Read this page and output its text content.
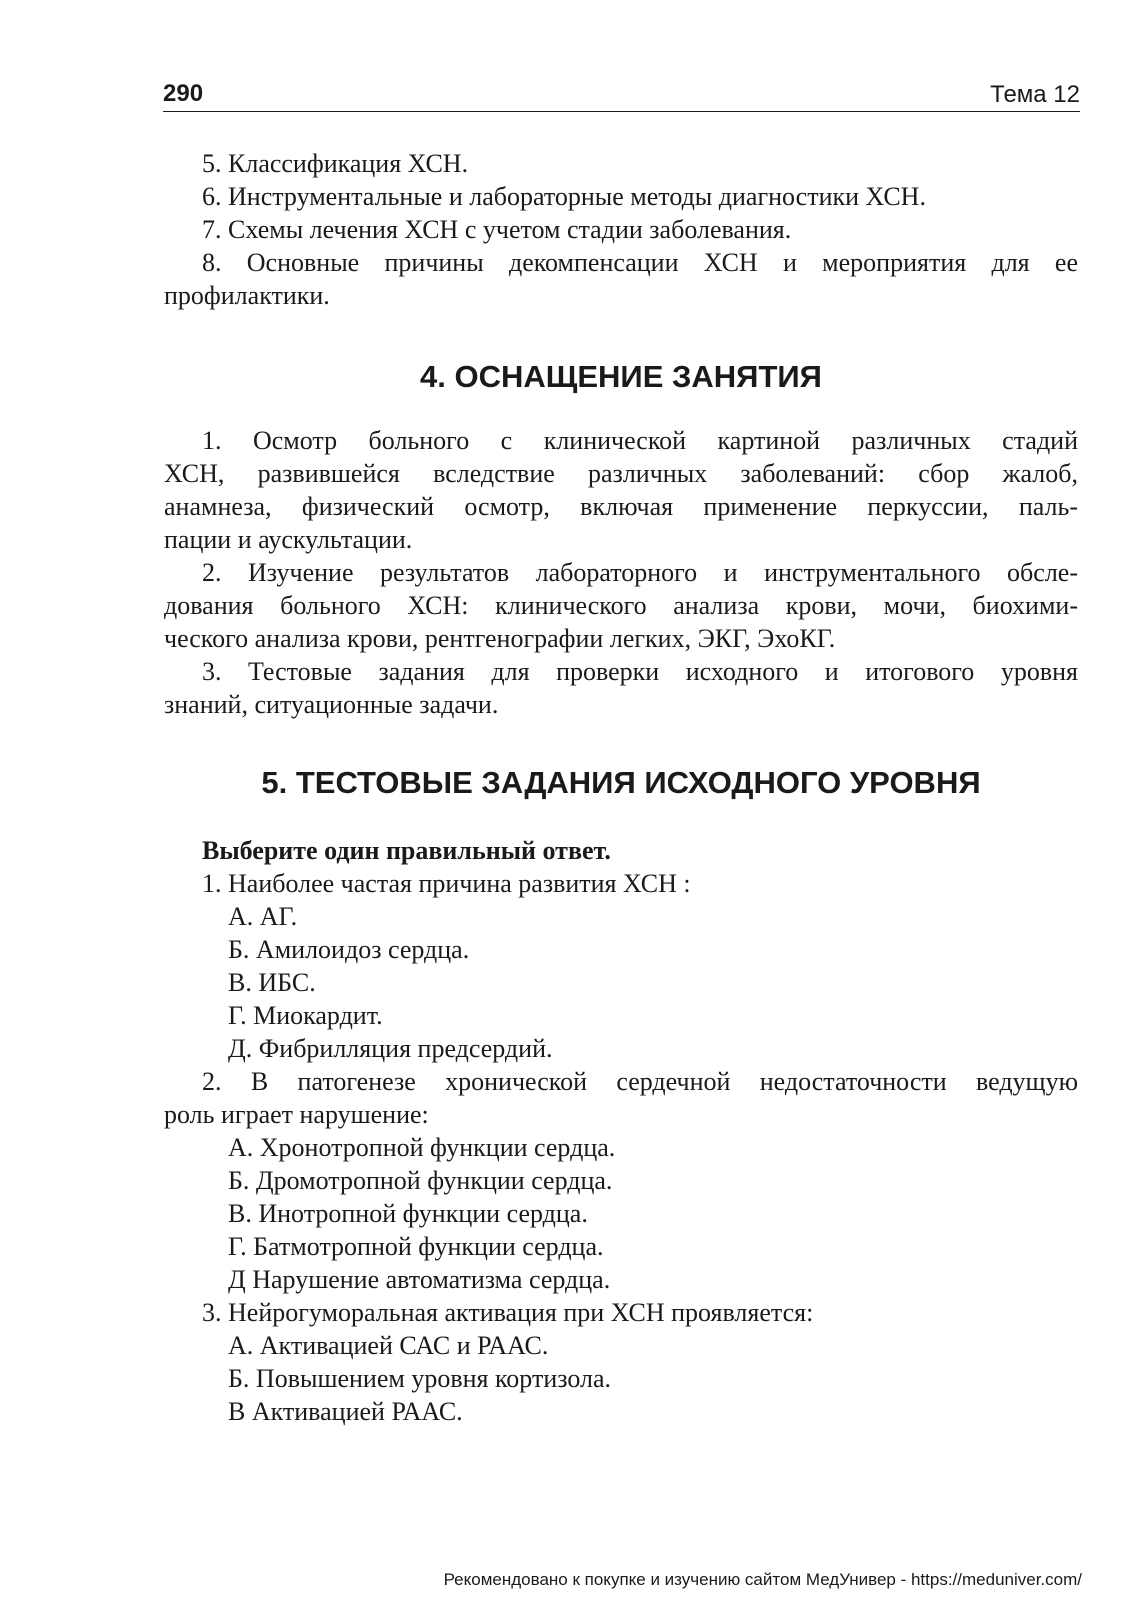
290	Тема 12
5. Классификация ХСН.
6. Инструментальные и лабораторные методы диагностики ХСН.
7. Схемы лечения ХСН с учетом стадии заболевания.
8. Основные причины декомпенсации ХСН и мероприятия для ее
профилактики.
4. ОСНАЩЕНИЕ ЗАНЯТИЯ
1. Осмотр больного с клинической картиной различных стадий
ХСН, развившейся вследствие различных заболеваний: сбор жалоб,
анамнеза, физический осмотр, включая применение перкуссии, паль-
пации и аускультации.
2. Изучение результатов лабораторного и инструментального обсле-
дования больного ХСН: клинического анализа крови, мочи, биохими-
ческого анализа крови, рентгенографии легких, ЭКГ, ЭхоКГ.
3. Тестовые задания для проверки исходного и итогового уровня
знаний, ситуационные задачи.
5. ТЕСТОВЫЕ ЗАДАНИЯ ИСХОДНОГО УРОВНЯ
Выберите один правильный ответ.
1. Наиболее частая причина развития ХСН :
А. АГ.
Б. Амилоидоз сердца.
В. ИБС.
Г. Миокардит.
Д. Фибрилляция предсердий.
2. В патогенезе хронической сердечной недостаточности ведущую
роль играет нарушение:
А. Хронотропной функции сердца.
Б. Дромотропной функции сердца.
В. Инотропной функции сердца.
Г. Батмотропной функции сердца.
Д Нарушение автоматизма сердца.
3. Нейрогуморальная активация при ХСН проявляется:
А. Активацией САС и РААС.
Б. Повышением уровня кортизола.
В Активацией РААС.
Рекомендовано к покупке и изучению сайтом МедУнивер - https://meduniver.com/
